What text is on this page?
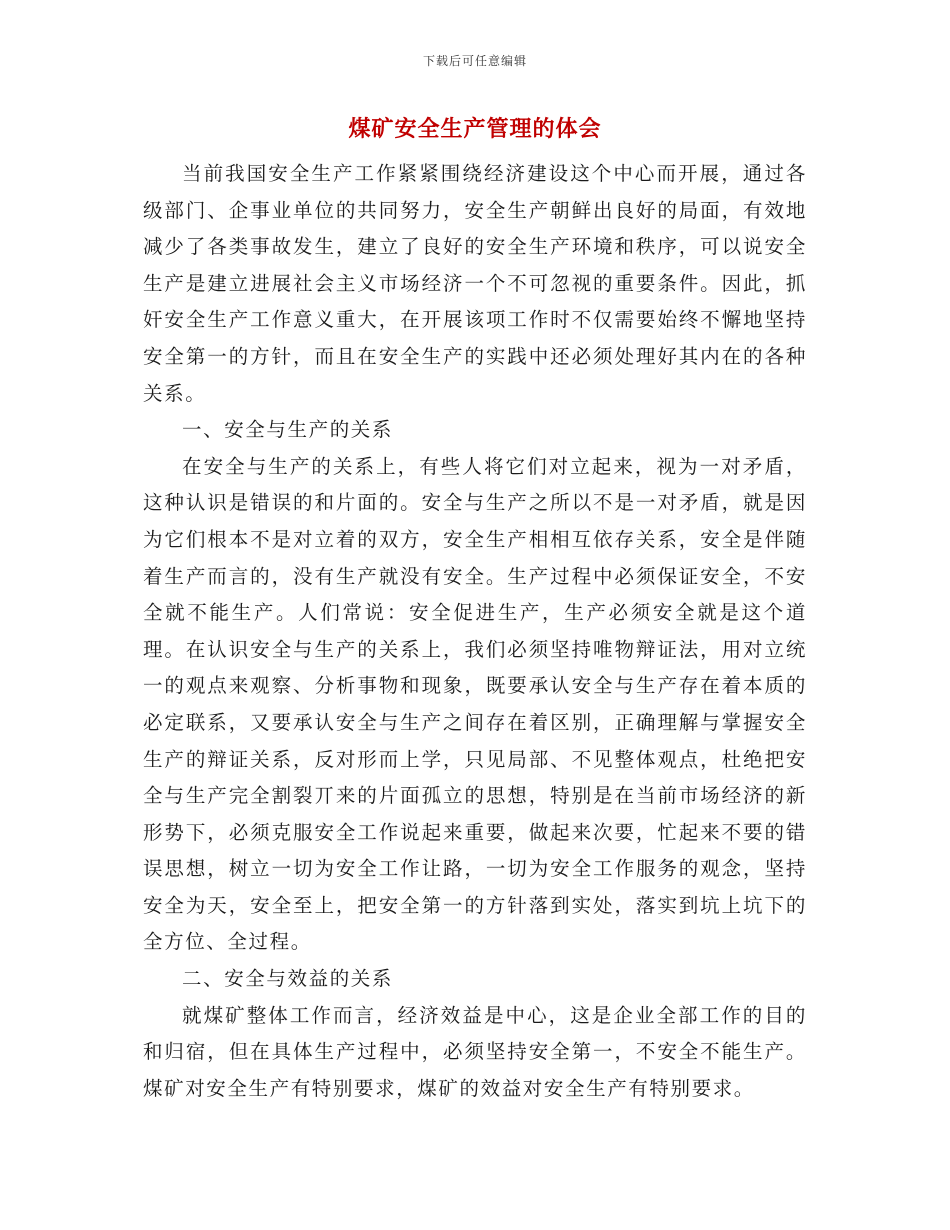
下载后可任意编辑
煤矿安全生产管理的体会

当前我国安全生产工作紧紧围绕经济建设这个中心而开展，通过各级部门、企事业单位的共同努力，安全生产朝鲜出良好的局面，有效地减少了各类事故发生，建立了良好的安全生产环境和秩序，可以说安全生产是建立进展社会主义市场经济一个不可忽视的重要条件。因此，抓奸安全生产工作意义重大，在开展该项工作时不仅需要始终不懈地坚持安全第一的方针，而且在安全生产的实践中还必须处理好其内在的各种关系。

一、安全与生产的关系

在安全与生产的关系上，有些人将它们对立起来，视为一对矛盾，这种认识是错误的和片面的。安全与生产之所以不是一对矛盾，就是因为它们根本不是对立着的双方，安全生产相相互依存关系，安全是伴随着生产而言的，没有生产就没有安全。生产过程中必须保证安全，不安全就不能生产。人们常说：安全促进生产，生产必须安全就是这个道理。在认识安全与生产的关系上，我们必须坚持唯物辩证法，用对立统一的观点来观察、分析事物和现象，既要承认安全与生产存在着本质的必定联系，又要承认安全与生产之间存在着区别，正确理解与掌握安全生产的辩证关系，反对形而上学，只见局部、不见整体观点，杜绝把安全与生产完全割裂丌来的片面孤立的思想，特别是在当前市场经济的新形势下，必须克服安全工作说起来重要，做起来次要，忙起来不要的错误思想，树立一切为安全工作让路，一切为安全工作服务的观念，坚持安全为天，安全至上，把安全第一的方针落到实处，落实到坑上坑下的全方位、全过程。

二、安全与效益的关系

就煤矿整体工作而言，经济效益是中心，这是企业全部工作的目的和归宿，但在具体生产过程中，必须坚持安全第一，不安全不能生产。煤矿对安全生产有特别要求，煤矿的效益对安全生产有特别要求。
